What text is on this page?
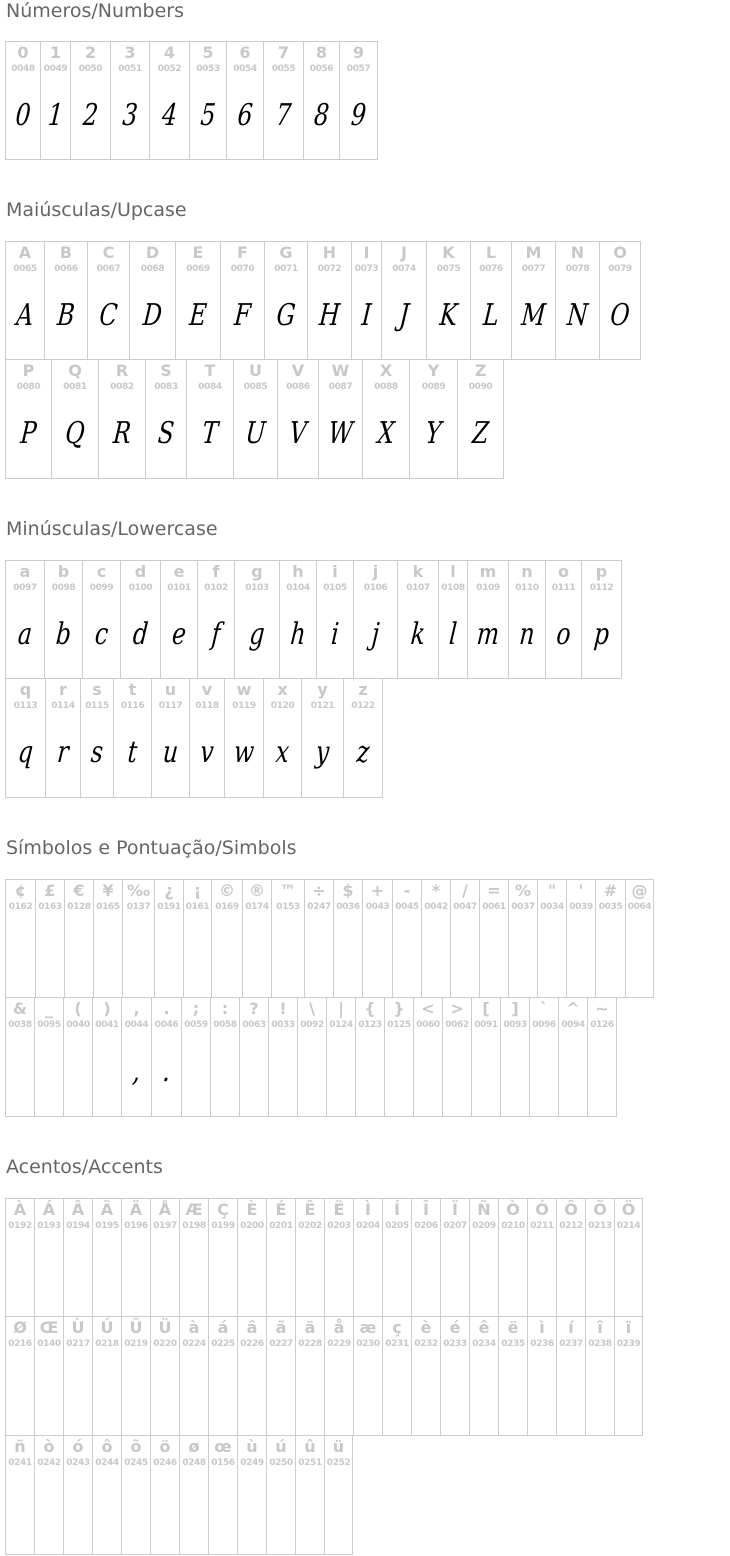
Números/Numbers
0
0048
0
1
0049
1
2
0050
2
3
0051
3
4
0052
4
5
0053
5
6
0054
6
7
0055
7
8
0056
8
9
0057
9
Maiúsculas/Upcase
A
0065
A
B
0066
B
C
0067
C
D
0068
D
E
0069
E
F
0070
F
G
0071
G
H
0072
H
I
0073
I
J
0074
J
K
0075
K
L
0076
L
M
0077
M
N
0078
N
O
0079
O
P
0080
P
Q
0081
Q
R
0082
R
S
0083
S
T
0084
T
U
0085
U
V
0086
V
W
0087
W
X
0088
X
Y
0089
Y
Z
0090
Z
Minúsculas/Lowercase
a
0097
a
b
0098
b
c
0099
c
d
0100
d
e
0101
e
f
0102
f
g
0103
g
h
0104
h
i
0105
i
j
0106
j
k
0107
k
l
0108
l
m
0109
m
n
0110
n
o
0111
o
p
0112
p
q
0113
q
r
0114
r
s
0115
s
t
0116
t
u
0117
u
v
0118
v
w
0119
w
x
0120
x
y
0121
y
z
0122
z
Símbolos e Pontuação/Simbols
¢
0162
£
0163
€
0128
¥
0165
‰
0137
¿
0191
¡
0161
©
0169
®
0174
™
0153
÷
0247
$
0036
+
0043
-
0045
*
0042
/
0047
=
0061
%
0037
"
0034
'
0039
#
0035
@
0064
&
0038
_
0095
(
0040
)
0041
,
0044
,
.
0046
.
;
0059
:
0058
?
0063
!
0033
\
0092
|
0124
{
0123
}
0125
<
0060
>
0062
[
0091
]
0093
`
0096
^
0094
~
0126
Acentos/Accents
À
0192
Á
0193
Â
0194
Ã
0195
Ä
0196
Å
0197
Æ
0198
Ç
0199
È
0200
É
0201
Ê
0202
Ë
0203
Ì
0204
Í
0205
Î
0206
Ï
0207
Ñ
0209
Ò
0210
Ó
0211
Ô
0212
Õ
0213
Ö
0214
Ø
0216
Œ
0140
Ù
0217
Ú
0218
Û
0219
Ü
0220
à
0224
á
0225
â
0226
ã
0227
ä
0228
å
0229
æ
0230
ç
0231
è
0232
é
0233
ê
0234
ë
0235
ì
0236
í
0237
î
0238
ï
0239
ñ
0241
ò
0242
ó
0243
ô
0244
õ
0245
ö
0246
ø
0248
œ
0156
ù
0249
ú
0250
û
0251
ü
0252
